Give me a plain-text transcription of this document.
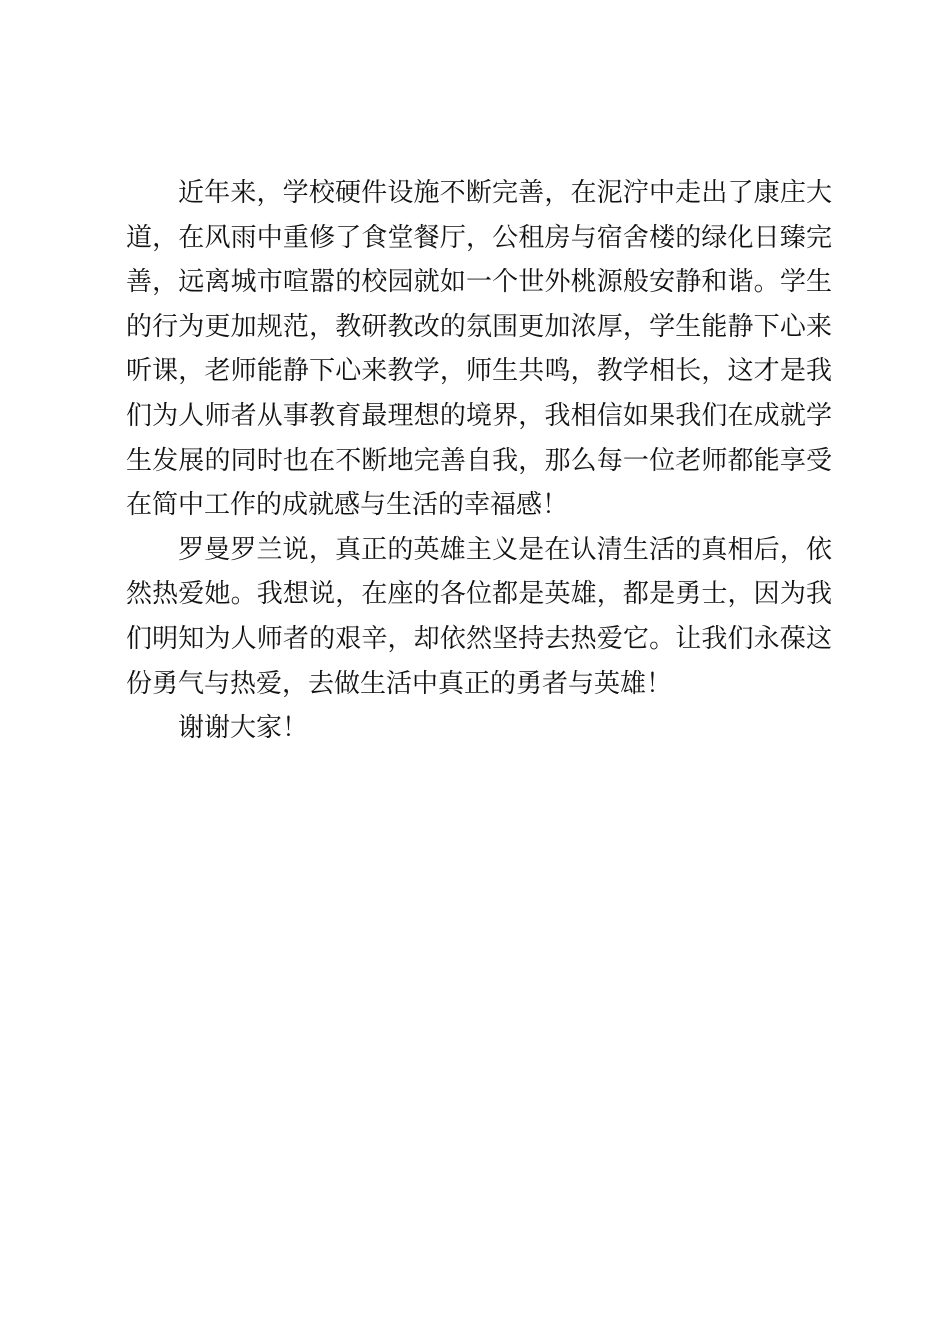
近年来，学校硬件设施不断完善，在泥泞中走出了康庄大
道，在风雨中重修了食堂餐厅，公租房与宿舍楼的绿化日臻完
善，远离城市喧嚣的校园就如一个世外桃源般安静和谐。学生
的行为更加规范，教研教改的氛围更加浓厚，学生能静下心来
听课，老师能静下心来教学，师生共鸣，教学相长，这才是我
们为人师者从事教育最理想的境界，我相信如果我们在成就学
生发展的同时也在不断地完善自我，那么每一位老师都能享受
在简中工作的成就感与生活的幸福感！
罗曼罗兰说，真正的英雄主义是在认清生活的真相后，依
然热爱她。我想说，在座的各位都是英雄，都是勇士，因为我
们明知为人师者的艰辛，却依然坚持去热爱它。让我们永葆这
份勇气与热爱，去做生活中真正的勇者与英雄！
谢谢大家！
